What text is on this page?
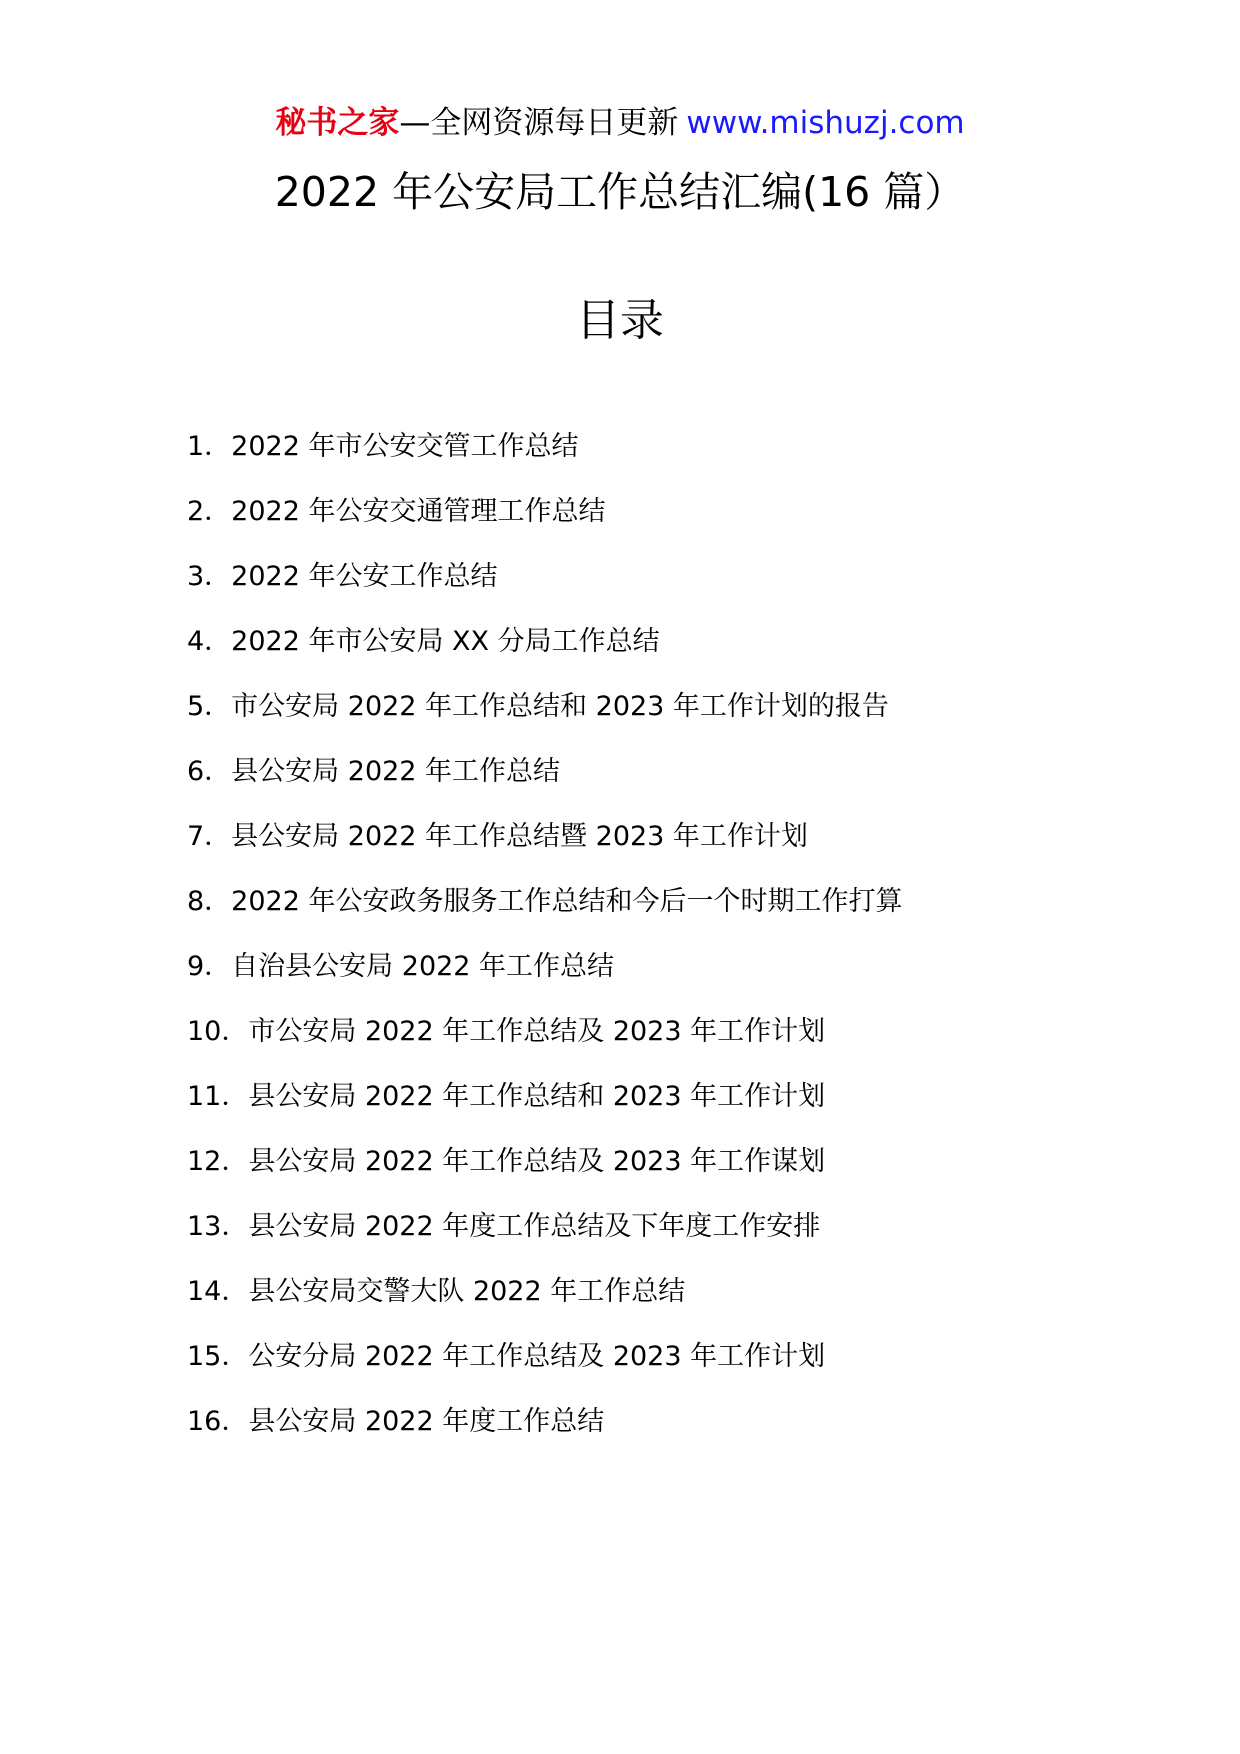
秘书之家—全网资源每日更新 www.mishuzj.com
2022 年公安局工作总结汇编(16 篇）
目录
1．2022 年市公安交管工作总结
2．2022 年公安交通管理工作总结
3．2022 年公安工作总结
4．2022 年市公安局 XX 分局工作总结
5．市公安局 2022 年工作总结和 2023 年工作计划的报告
6．县公安局 2022 年工作总结
7．县公安局 2022 年工作总结暨 2023 年工作计划
8．2022 年公安政务服务工作总结和今后一个时期工作打算
9．自治县公安局 2022 年工作总结
10．市公安局 2022 年工作总结及 2023 年工作计划
11．县公安局 2022 年工作总结和 2023 年工作计划
12．县公安局 2022 年工作总结及 2023 年工作谋划
13．县公安局 2022 年度工作总结及下年度工作安排
14．县公安局交警大队 2022 年工作总结
15．公安分局 2022 年工作总结及 2023 年工作计划
16．县公安局 2022 年度工作总结
